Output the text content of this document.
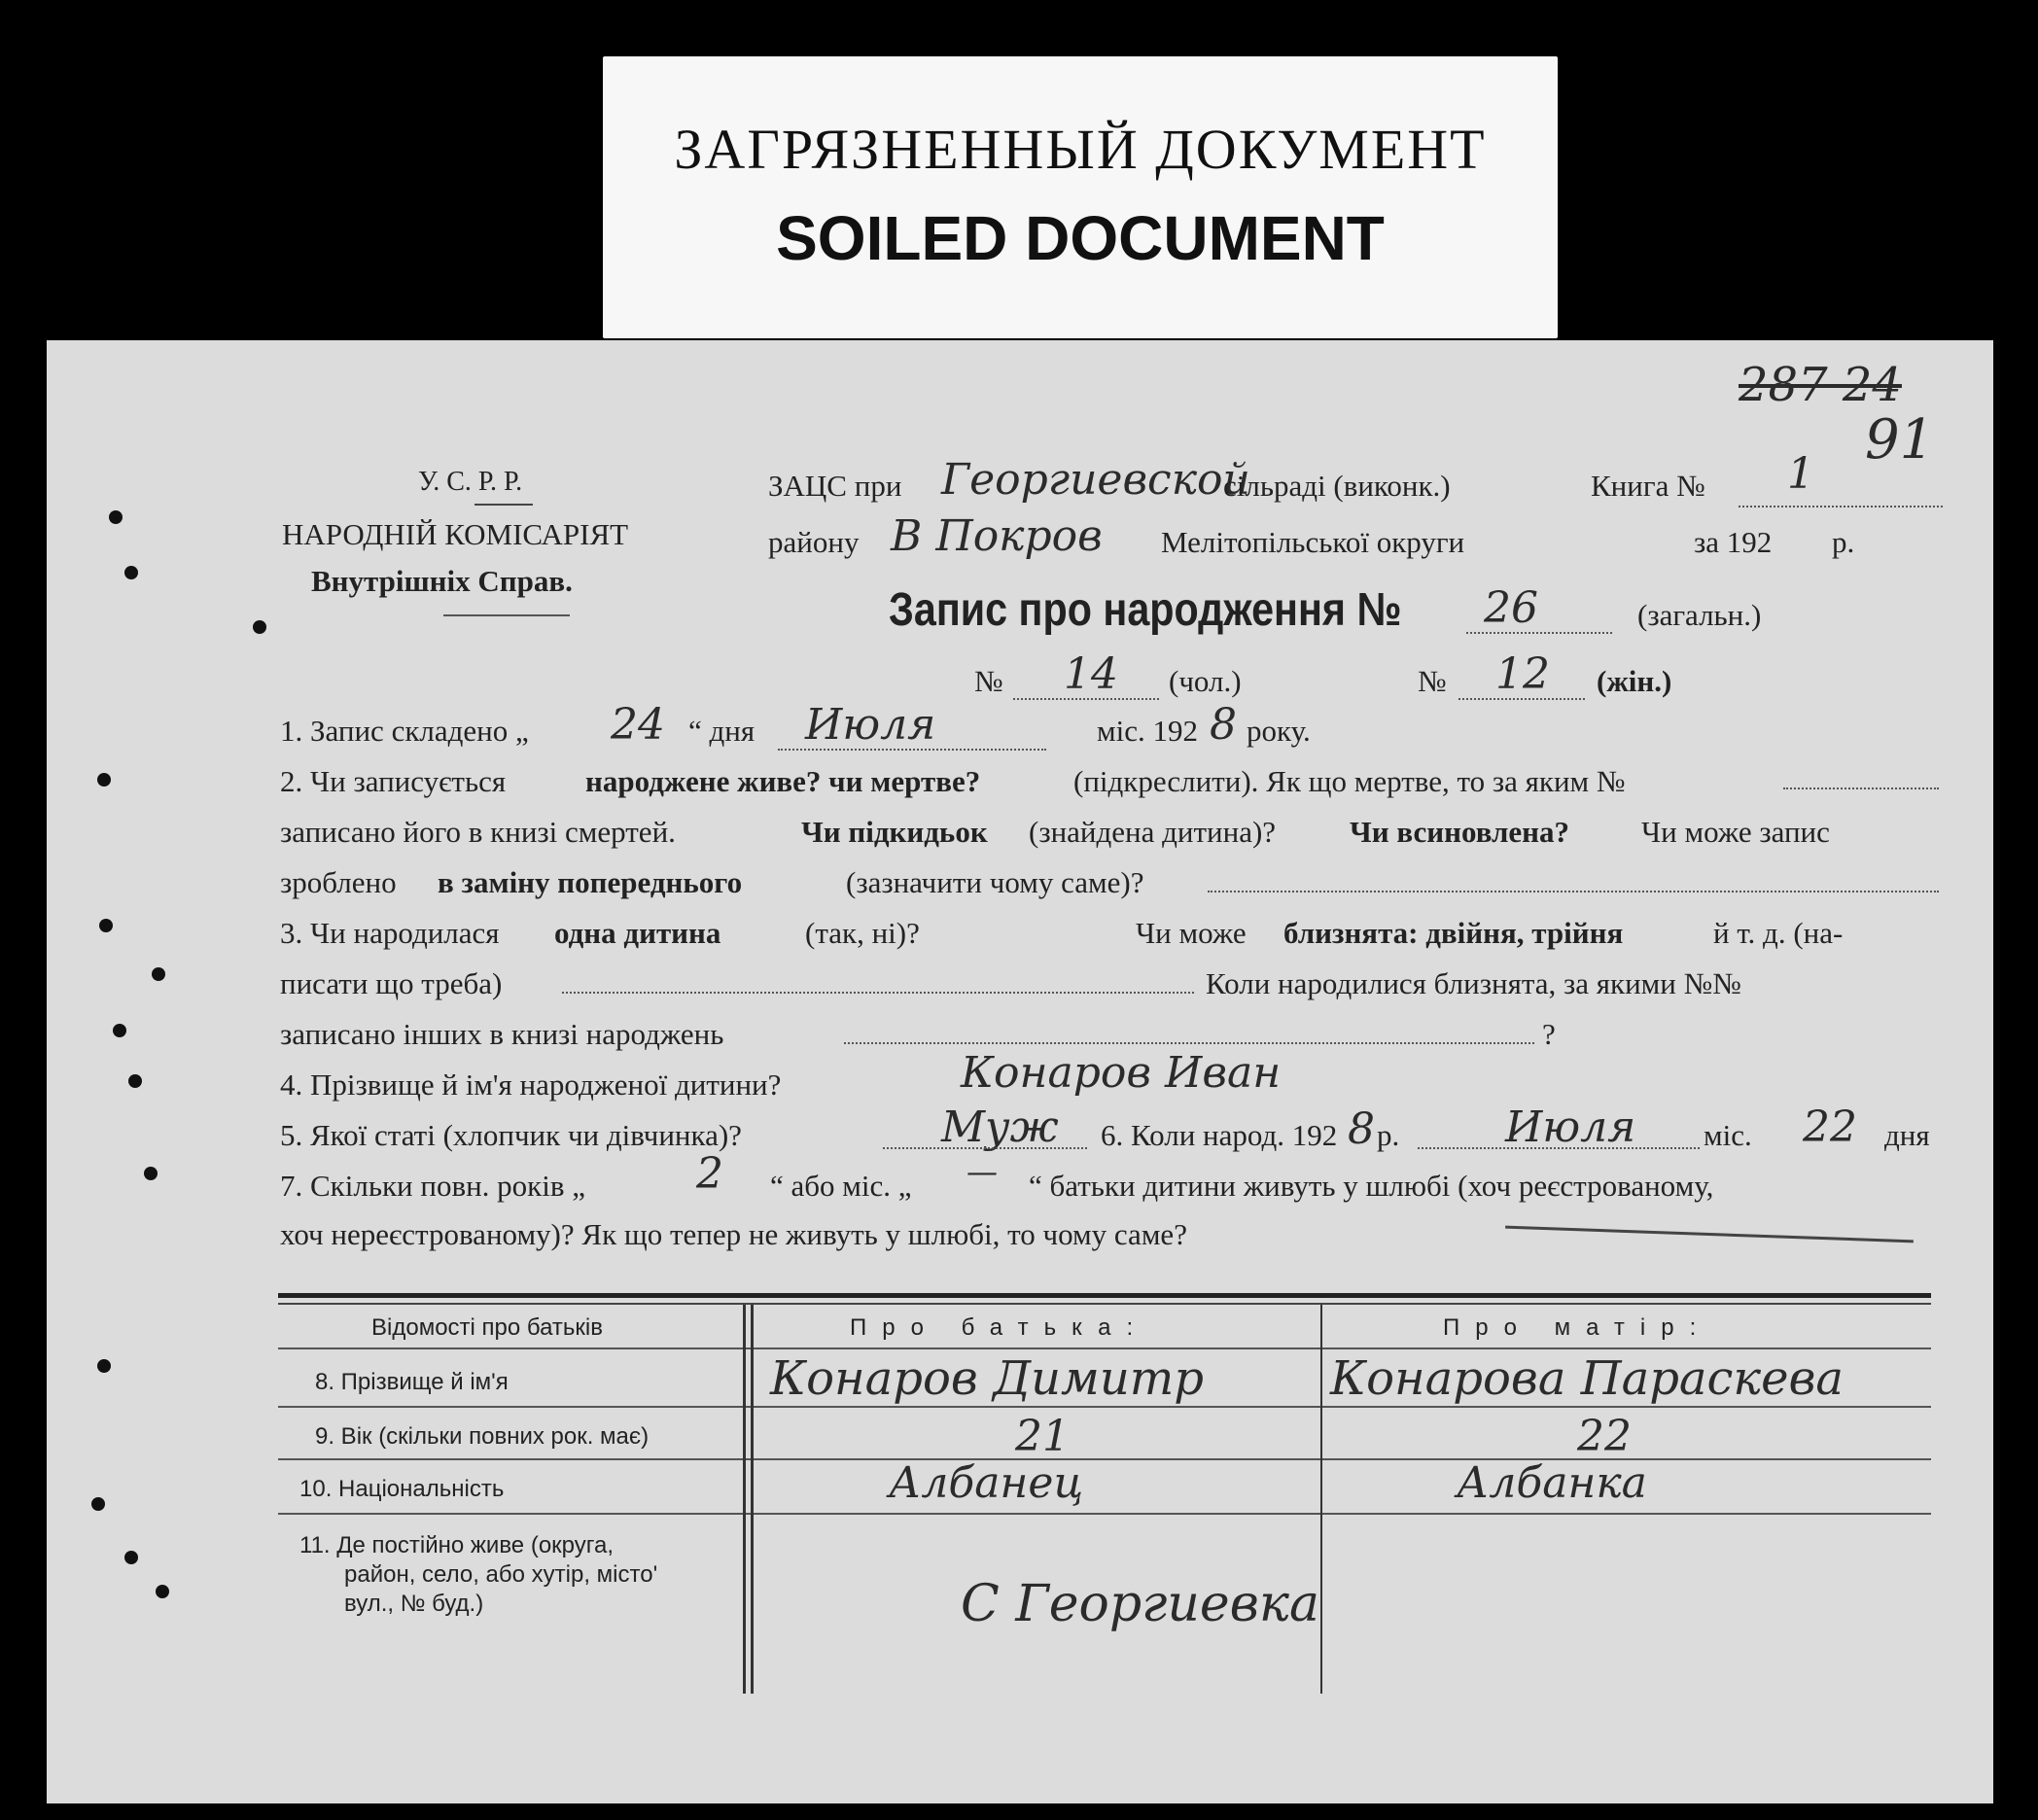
ЗАГРЯЗНЕННЫЙ ДОКУМЕНТ
SOILED DOCUMENT
287 24
91
У. С. Р. Р.
НАРОДНІЙ КОМІСАРІЯТ
Внутрішніх Справ.
ЗАЦС при Георгиевской
сільраді (виконк.)	Книга № 1
району В Покров Мелітопільської округи	за 192 р.
Запис про народження № 26	(загальн.)
№ 14 (чол.)	№ 12 (жін.)
1. Запис складено „ 24 “ дня Июля	міс. 192 8 року.
2. Чи записується	народжене живе? чи мертве?	(підкреслити). Як що мертве, то за яким №
записано його в книзі смертей.	Чи підкидьок (знайдена дитина)? Чи всиновлена? Чи може запис
зроблено в заміну попереднього	(зазначити чому саме)?
3. Чи народилася одна дитина	(так, ні)?	Чи може близнята: двійня, трійня	й т. д. (на-
писати що треба)	Коли народилися близнята, за якими №№
записано інших в книзі народжень	?
4. Прізвище й ім'я народженої дитини?	Конаров Иван
5. Якої статі (хлопчик чи дівчинка)?	Муж 6. Коли народ. 192 8 р. Июля міс. 22 дня
7. Скільки повн. років „	2 “ або міс. „ — “ батьки дитини живуть у шлюбі (хоч реєстрованому,
хоч нереєстрованому)? Як що тепер не живуть у шлюбі, то чому саме?
Відомості про батьків	Про батька:	Про матір:
8. Прізвище й ім'я	Конаров Димитр	Конарова Параскева
9. Вік (скільки повних рок. має)	21	22
10. Національність	Албанец	Албанка
11. Де постійно живе (округа,
район, село, або хутір, місто'
вул., № буд.)	С Георгиевка
